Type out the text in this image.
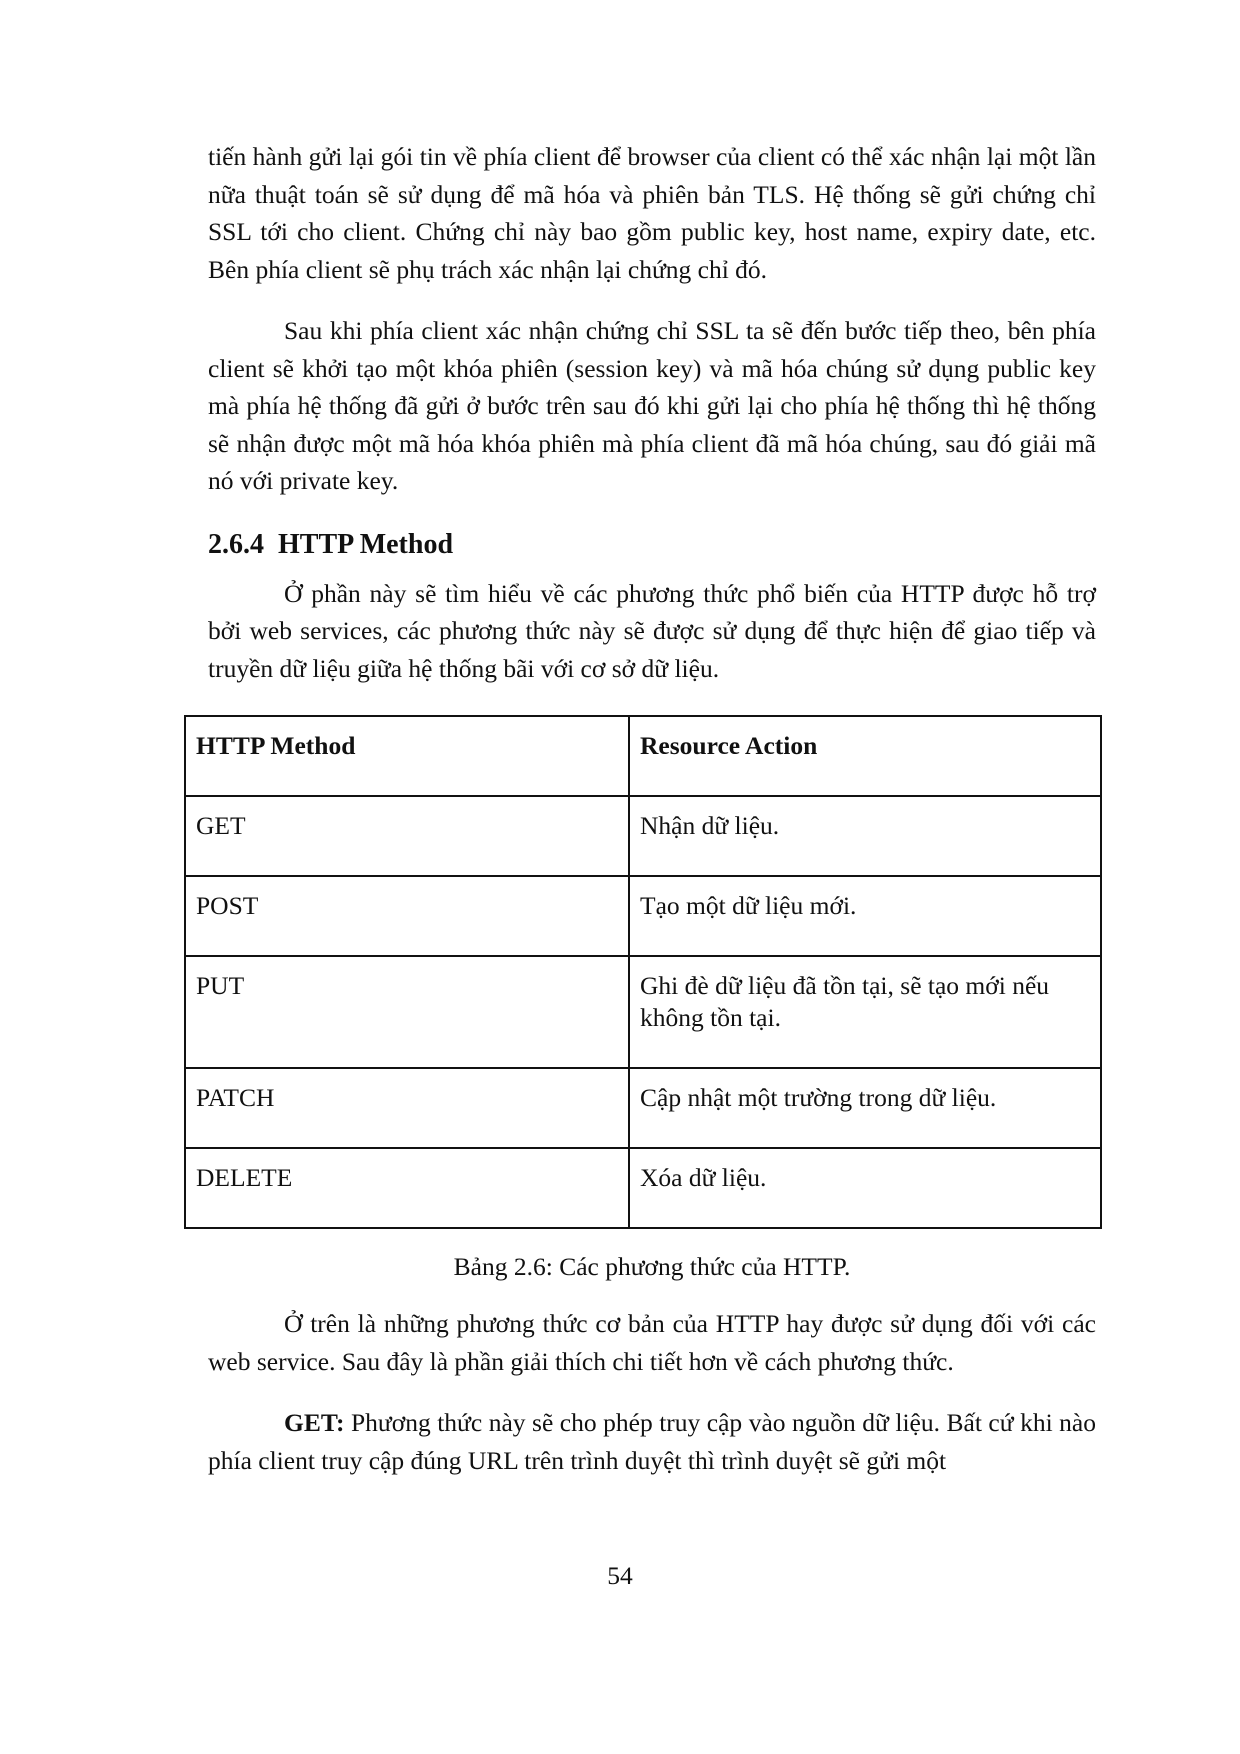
tiến hành gửi lại gói tin về phía client để browser của client có thể xác nhận lại một lần nữa thuật toán sẽ sử dụng để mã hóa và phiên bản TLS. Hệ thống sẽ gửi chứng chỉ SSL tới cho client. Chứng chỉ này bao gồm public key, host name, expiry date, etc. Bên phía client sẽ phụ trách xác nhận lại chứng chỉ đó.

Sau khi phía client xác nhận chứng chỉ SSL ta sẽ đến bước tiếp theo, bên phía client sẽ khởi tạo một khóa phiên (session key) và mã hóa chúng sử dụng public key mà phía hệ thống đã gửi ở bước trên sau đó khi gửi lại cho phía hệ thống thì hệ thống sẽ nhận được một mã hóa khóa phiên mà phía client đã mã hóa chúng, sau đó giải mã nó với private key.

2.6.4 HTTP Method

Ở phần này sẽ tìm hiểu về các phương thức phổ biến của HTTP được hỗ trợ bởi web services, các phương thức này sẽ được sử dụng để thực hiện để giao tiếp và truyền dữ liệu giữa hệ thống bãi với cơ sở dữ liệu.

HTTP Method	Resource Action
GET	Nhận dữ liệu.
POST	Tạo một dữ liệu mới.
PUT	Ghi đè dữ liệu đã tồn tại, sẽ tạo mới nếu không tồn tại.
PATCH	Cập nhật một trường trong dữ liệu.
DELETE	Xóa dữ liệu.

Bảng 2.6: Các phương thức của HTTP.

Ở trên là những phương thức cơ bản của HTTP hay được sử dụng đối với các web service. Sau đây là phần giải thích chi tiết hơn về cách phương thức.

GET: Phương thức này sẽ cho phép truy cập vào nguồn dữ liệu. Bất cứ khi nào phía client truy cập đúng URL trên trình duyệt thì trình duyệt sẽ gửi một

54
